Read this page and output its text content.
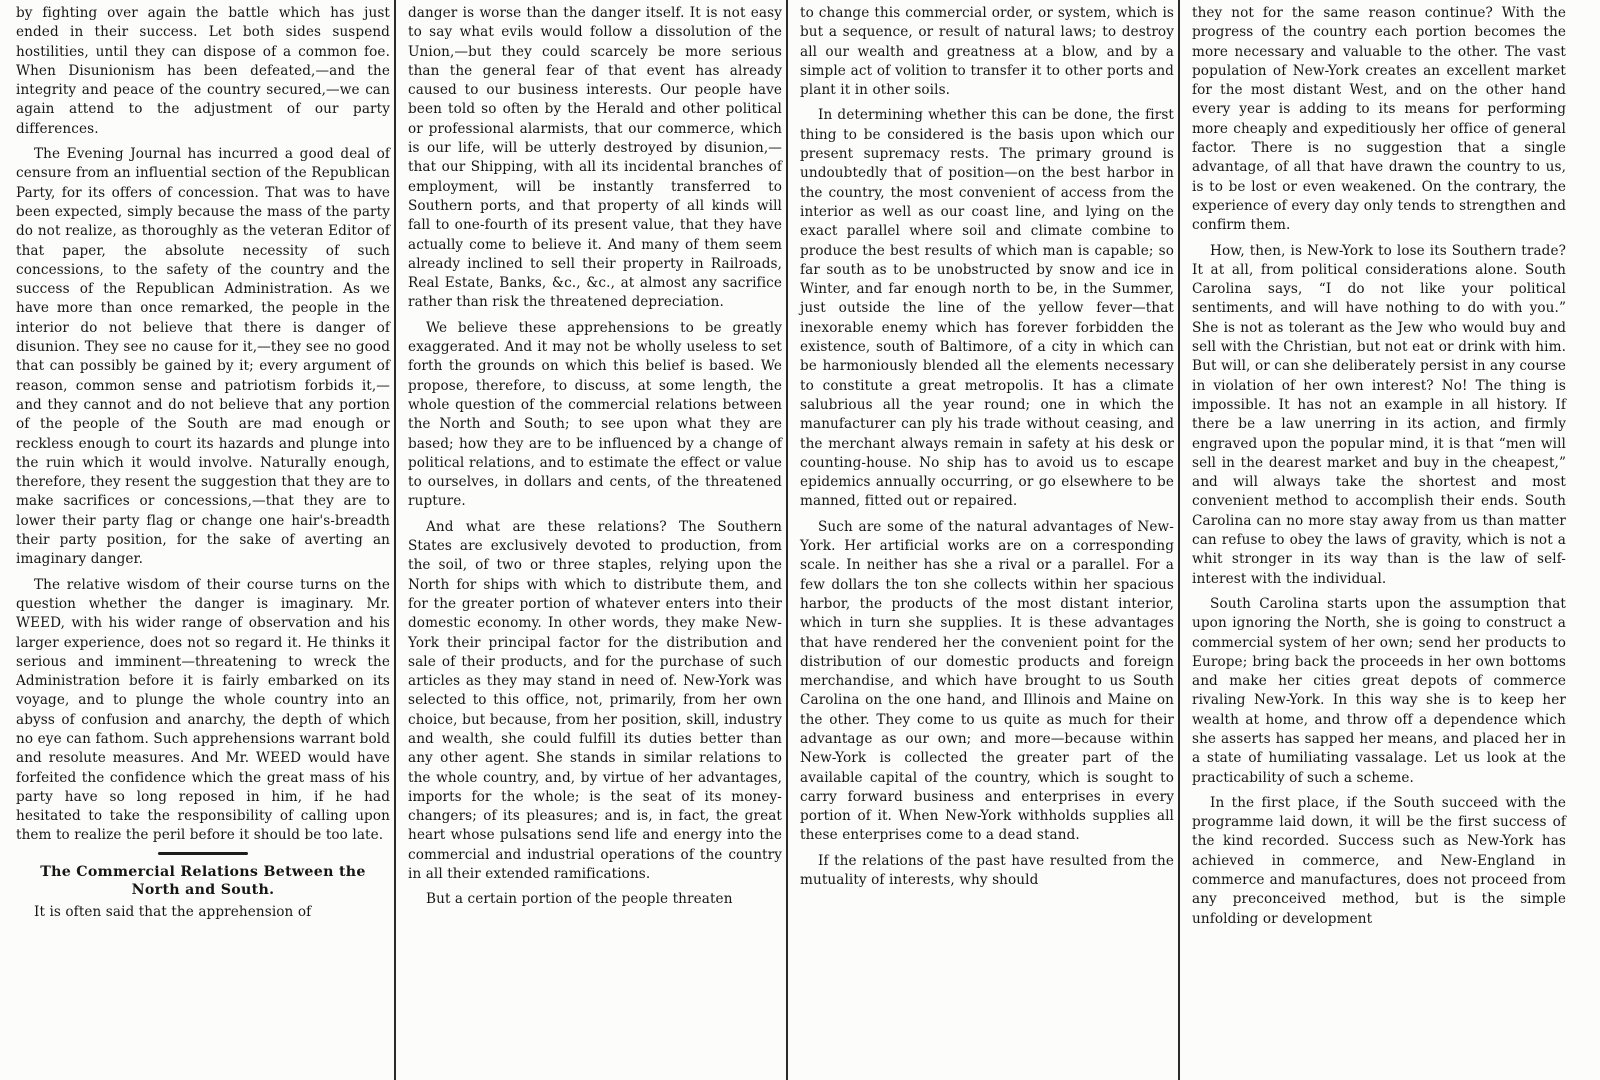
by fighting over again the battle which has just ended in their success. Let both sides suspend hostilities, until they can dispose of a common foe. When Disunionism has been defeated,—and the integrity and peace of the country secured,—we can again attend to the adjustment of our party differences.

The Evening Journal has incurred a good deal of censure from an influential section of the Republican Party, for its offers of concession. That was to have been expected, simply because the mass of the party do not realize, as thoroughly as the veteran Editor of that paper, the absolute necessity of such concessions, to the safety of the country and the success of the Republican Administration. As we have more than once remarked, the people in the interior do not believe that there is danger of disunion. They see no cause for it,—they see no good that can possibly be gained by it; every argument of reason, common sense and patriotism forbids it,—and they cannot and do not believe that any portion of the people of the South are mad enough or reckless enough to court its hazards and plunge into the ruin which it would involve. Naturally enough, therefore, they resent the suggestion that they are to make sacrifices or concessions,—that they are to lower their party flag or change one hair's-breadth their party position, for the sake of averting an imaginary danger.

The relative wisdom of their course turns on the question whether the danger is imaginary. Mr. WEED, with his wider range of observation and his larger experience, does not so regard it. He thinks it serious and imminent—threatening to wreck the Administration before it is fairly embarked on its voyage, and to plunge the whole country into an abyss of confusion and anarchy, the depth of which no eye can fathom. Such apprehensions warrant bold and resolute measures. And Mr. WEED would have forfeited the confidence which the great mass of his party have so long reposed in him, if he had hesitated to take the responsibility of calling upon them to realize the peril before it should be too late.

The Commercial Relations Between the North and South.

It is often said that the apprehension of

danger is worse than the danger itself. It is not easy to say what evils would follow a dissolution of the Union,—but they could scarcely be more serious than the general fear of that event has already caused to our business interests. Our people have been told so often by the Herald and other political or professional alarmists, that our commerce, which is our life, will be utterly destroyed by disunion,—that our Shipping, with all its incidental branches of employment, will be instantly transferred to Southern ports, and that property of all kinds will fall to one-fourth of its present value, that they have actually come to believe it. And many of them seem already inclined to sell their property in Railroads, Real Estate, Banks, &c., &c., at almost any sacrifice rather than risk the threatened depreciation.

We believe these apprehensions to be greatly exaggerated. And it may not be wholly useless to set forth the grounds on which this belief is based. We propose, therefore, to discuss, at some length, the whole question of the commercial relations between the North and South; to see upon what they are based; how they are to be influenced by a change of political relations, and to estimate the effect or value to ourselves, in dollars and cents, of the threatened rupture.

And what are these relations? The Southern States are exclusively devoted to production, from the soil, of two or three staples, relying upon the North for ships with which to distribute them, and for the greater portion of whatever enters into their domestic economy. In other words, they make New-York their principal factor for the distribution and sale of their products, and for the purchase of such articles as they may stand in need of. New-York was selected to this office, not, primarily, from her own choice, but because, from her position, skill, industry and wealth, she could fulfill its duties better than any other agent. She stands in similar relations to the whole country, and, by virtue of her advantages, imports for the whole; is the seat of its money-changers; of its pleasures; and is, in fact, the great heart whose pulsations send life and energy into the commercial and industrial operations of the country in all their extended ramifications.

But a certain portion of the people threaten

to change this commercial order, or system, which is but a sequence, or result of natural laws; to destroy all our wealth and greatness at a blow, and by a simple act of volition to transfer it to other ports and plant it in other soils.

In determining whether this can be done, the first thing to be considered is the basis upon which our present supremacy rests. The primary ground is undoubtedly that of position—on the best harbor in the country, the most convenient of access from the interior as well as our coast line, and lying on the exact parallel where soil and climate combine to produce the best results of which man is capable; so far south as to be unobstructed by snow and ice in Winter, and far enough north to be, in the Summer, just outside the line of the yellow fever—that inexorable enemy which has forever forbidden the existence, south of Baltimore, of a city in which can be harmoniously blended all the elements necessary to constitute a great metropolis. It has a climate salubrious all the year round; one in which the manufacturer can ply his trade without ceasing, and the merchant always remain in safety at his desk or counting-house. No ship has to avoid us to escape epidemics annually occurring, or go elsewhere to be manned, fitted out or repaired.

Such are some of the natural advantages of New-York. Her artificial works are on a corresponding scale. In neither has she a rival or a parallel. For a few dollars the ton she collects within her spacious harbor, the products of the most distant interior, which in turn she supplies. It is these advantages that have rendered her the convenient point for the distribution of our domestic products and foreign merchandise, and which have brought to us South Carolina on the one hand, and Illinois and Maine on the other. They come to us quite as much for their advantage as our own; and more—because within New-York is collected the greater part of the available capital of the country, which is sought to carry forward business and enterprises in every portion of it. When New-York withholds supplies all these enterprises come to a dead stand.

If the relations of the past have resulted from the mutuality of interests, why should

they not for the same reason continue? With the progress of the country each portion becomes the more necessary and valuable to the other. The vast population of New-York creates an excellent market for the most distant West, and on the other hand every year is adding to its means for performing more cheaply and expeditiously her office of general factor. There is no suggestion that a single advantage, of all that have drawn the country to us, is to be lost or even weakened. On the contrary, the experience of every day only tends to strengthen and confirm them.

How, then, is New-York to lose its Southern trade? It at all, from political considerations alone. South Carolina says, “I do not like your political sentiments, and will have nothing to do with you.” She is not as tolerant as the Jew who would buy and sell with the Christian, but not eat or drink with him. But will, or can she deliberately persist in any course in violation of her own interest? No! The thing is impossible. It has not an example in all history. If there be a law unerring in its action, and firmly engraved upon the popular mind, it is that “men will sell in the dearest market and buy in the cheapest,” and will always take the shortest and most convenient method to accomplish their ends. South Carolina can no more stay away from us than matter can refuse to obey the laws of gravity, which is not a whit stronger in its way than is the law of self-interest with the individual.

South Carolina starts upon the assumption that upon ignoring the North, she is going to construct a commercial system of her own; send her products to Europe; bring back the proceeds in her own bottoms and make her cities great depots of commerce rivaling New-York. In this way she is to keep her wealth at home, and throw off a dependence which she asserts has sapped her means, and placed her in a state of humiliating vassalage. Let us look at the practicability of such a scheme.

In the first place, if the South succeed with the programme laid down, it will be the first success of the kind recorded. Success such as New-York has achieved in commerce, and New-England in commerce and manufactures, does not proceed from any preconceived method, but is the simple unfolding or development
